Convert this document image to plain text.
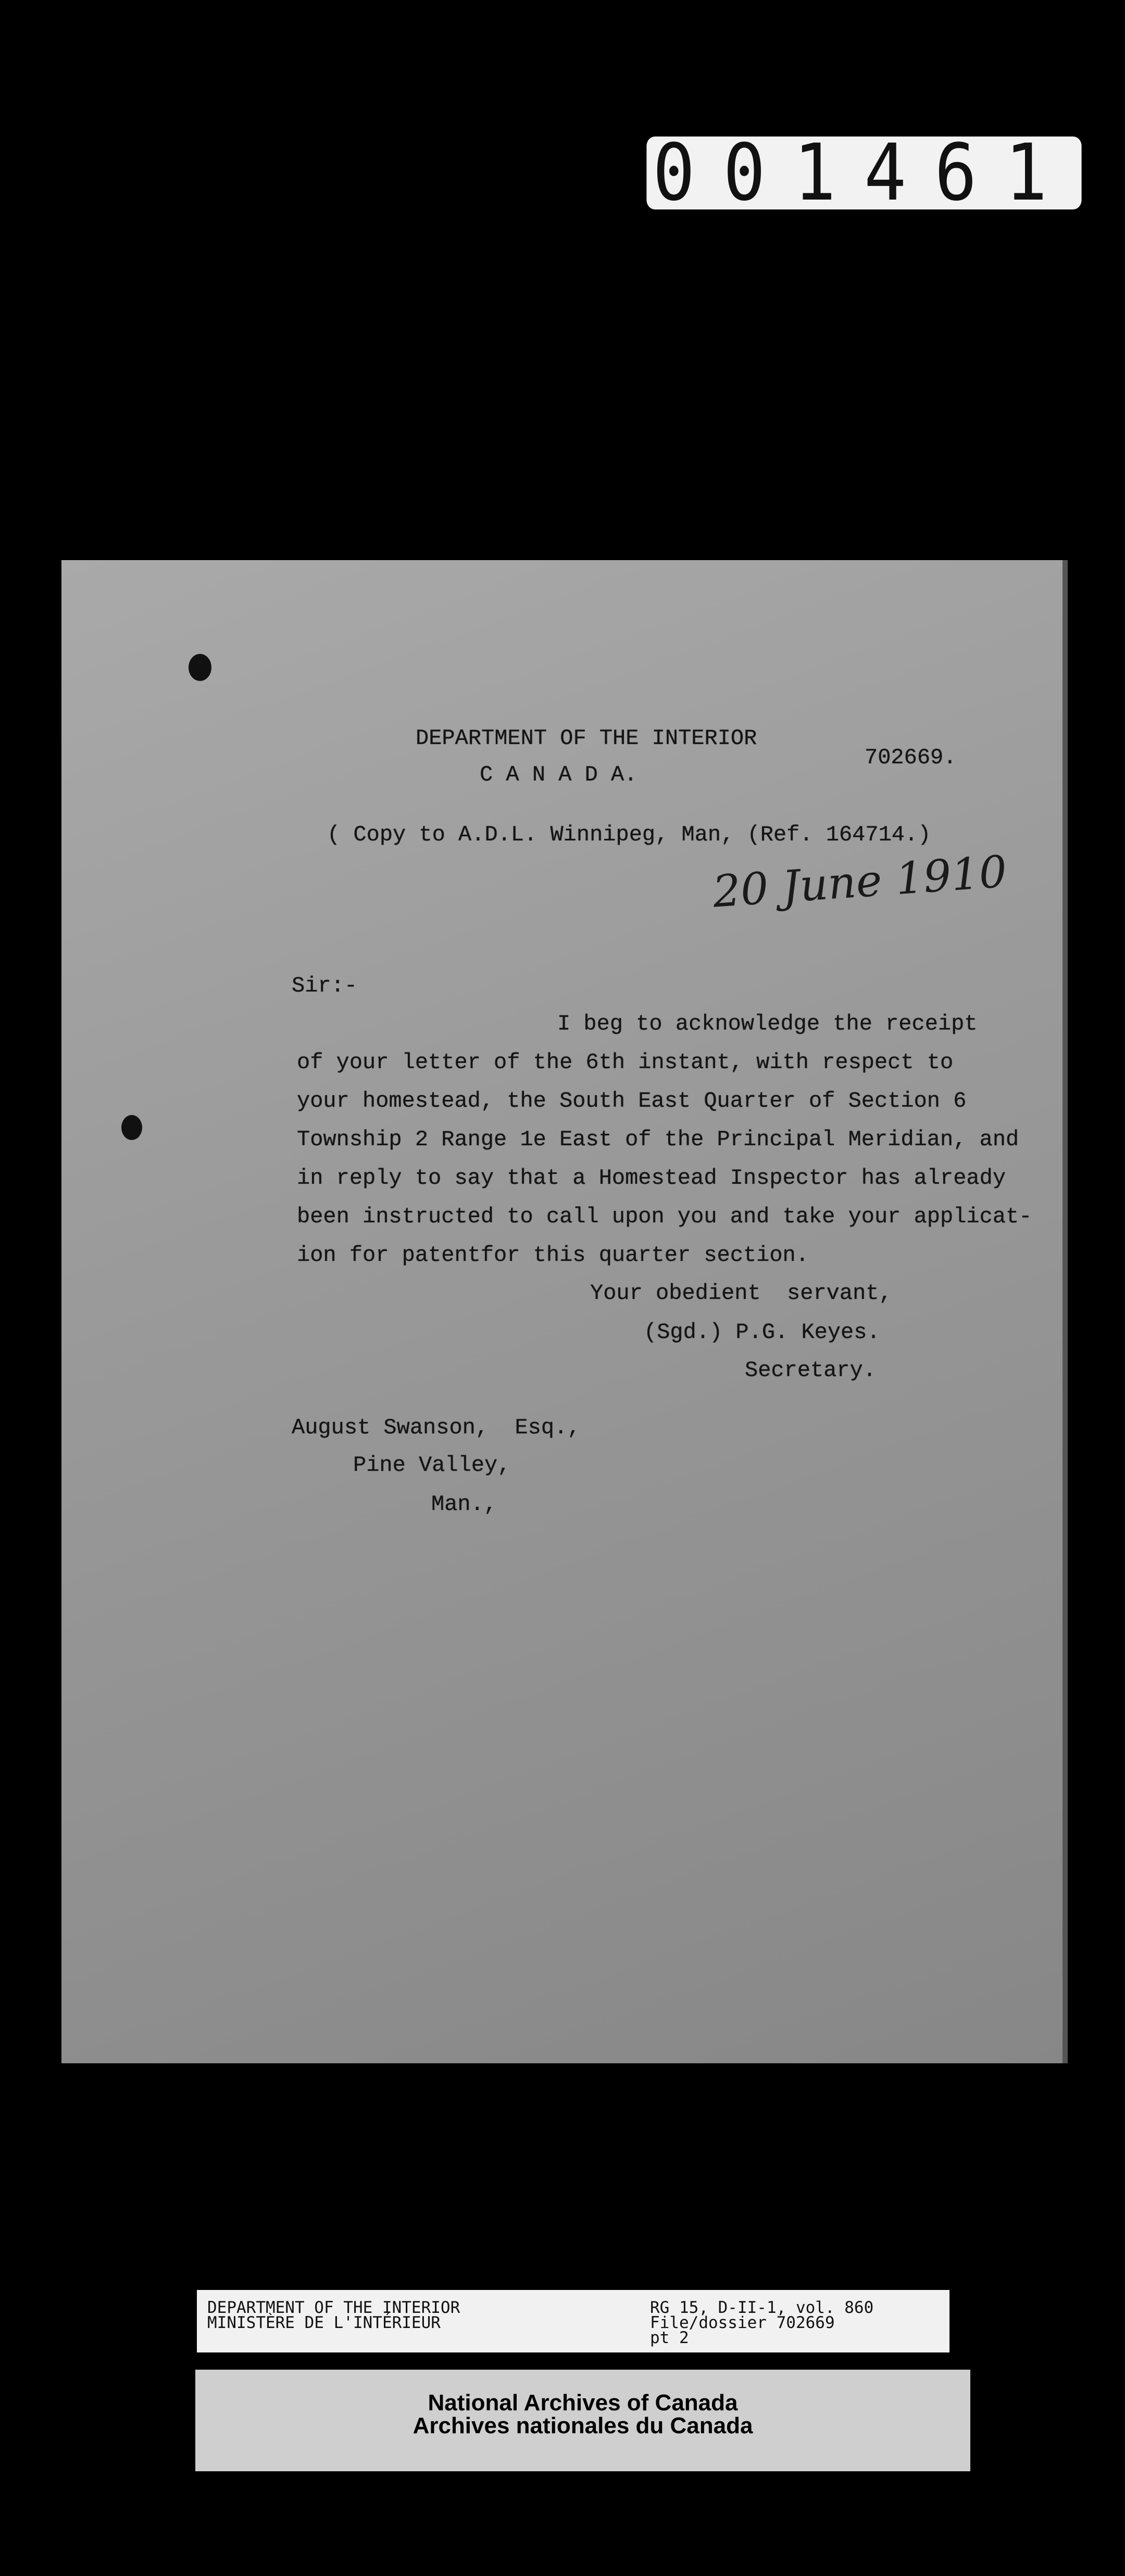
001461
DEPARTMENT OF THE INTERIOR
C A N A D A.
702669.
( Copy to A.D.L. Winnipeg, Man, (Ref. 164714.)
20 June 1910
Sir:-
I beg to acknowledge the receipt
of your letter of the 6th instant, with respect to
your homestead, the South East Quarter of Section 6
Township 2 Range 1e East of the Principal Meridian, and
in reply to say that a Homestead Inspector has already
been instructed to call upon you and take your applicat-
ion for patentfor this quarter section.
Your obedient  servant,
(Sgd.) P.G. Keyes.
Secretary.
August Swanson,  Esq.,
Pine Valley,
Man.,
DEPARTMENT OF THE INTERIOR
MINISTÈRE DE L'INTÉRIEUR
RG 15, D-II-1, vol. 860
File/dossier 702669
pt 2
National Archives of Canada
Archives nationales du Canada
